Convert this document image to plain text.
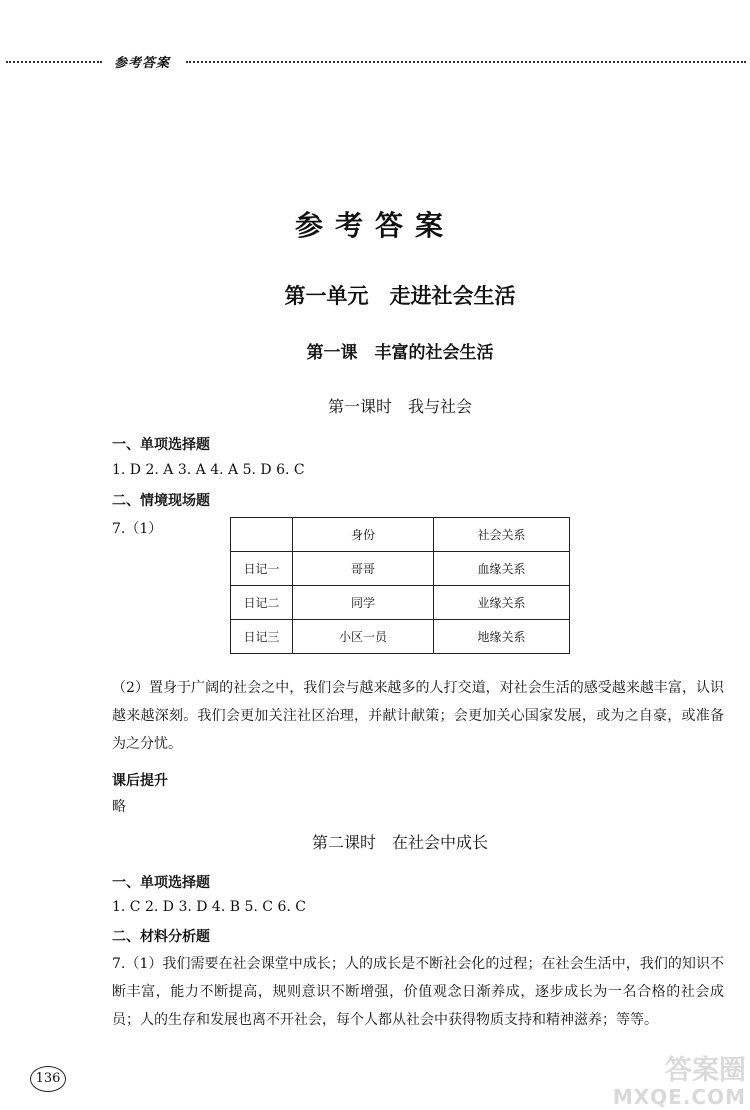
参考答案
参考答案
第一单元　走进社会生活
第一课　丰富的社会生活
第一课时　我与社会
一、单项选择题
1. D 2. A 3. A 4. A 5. D 6. C
二、情境现场题
7.（1）
		身份	社会关系
日记一	哥哥	血缘关系
日记二	同学	业缘关系
日记三	小区一员	地缘关系
（2）置身于广阔的社会之中，我们会与越来越多的人打交道，对社会生活的感受越来越丰富，认识越来越深刻。我们会更加关注社区治理，并献计献策；会更加关心国家发展，或为之自豪，或准备为之分忧。
课后提升
略
第二课时　在社会中成长
一、单项选择题
1. C 2. D 3. D 4. B 5. C 6. C
二、材料分析题
7.（1）我们需要在社会课堂中成长；人的成长是不断社会化的过程；在社会生活中，我们的知识不断丰富，能力不断提高，规则意识不断增强，价值观念日渐养成，逐步成长为一名合格的社会成员；人的生存和发展也离不开社会，每个人都从社会中获得物质支持和精神滋养；等等。
136	答案圈
MXQE.COM
